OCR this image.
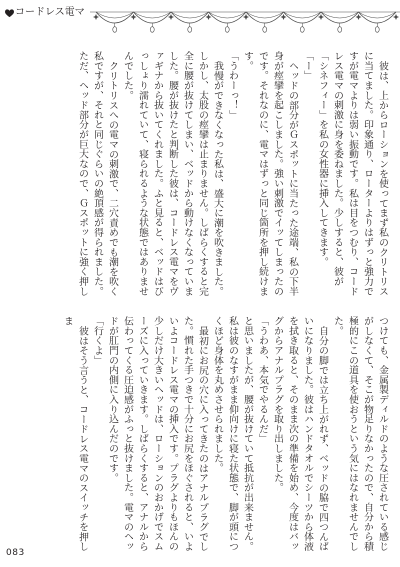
コードレス電マ

彼は、上からローションを使ってまず私のクリトリスに当てました。印象通り、ローターよりはずっと強力ですが電マよりは弱い振動です。私は目をつむり、コードレス電マの刺激に身を委ねました。少しすると、彼が「シネフィー」を私の女性器に挿入してきます。

「ー」

ヘッドの部分がＧスポットに当たった途端、私の下半身が痙攣を起こしました。強い刺激でイッてしまったのです。それなのに、電マはずっと同じ箇所を押し続けます。

「うわーっ！」

我慢ができなくなった私は、盛大に潮を吹きました。しかし、太股の痙攣は止まりません。しばらくすると完全に腰が抜けてしまい、ベッドから動けなくなっていました。腰が抜けたと判断した彼は、コードレス電マをヴァギナから抜いてくれました。ふと見ると、ベッドはびっしょり濡れていて、寝られるような状態ではありませんでした。

クリトリスへの電マの刺激で、二穴責めでも潮を吹く私ですが、それと同じぐらいの絶頂感が得られました。ただ、ヘッド部分が巨大なので、Ｇスポットに強く押し

つけても、金属製ディルドのような圧されている感じがしなくて、そこが物足りなかったので、自分から積極的にこの道具を使おうという気にはなれませんでした。

自分の脚では立ち上がれず、ベッドの脇で四つんばいになりました。彼はハンドタオルでシーツから体液を拭き取ると、そのまま次の準備を始め、今度はバッグからアナルプラグを取り出しました。

「うわあ、本気でやるんだ」

と思いましたが、腰が抜けていて抵抗が出来ません。私は彼のなすがまま仰向けに寝た状態で、脚が頭につくほど身体を丸めさせられました。

最初にお尻の穴に入ってきたのはアナルプラグでした。慣れた手つきで十分にお尻をほぐされると、いよいよコードレス電マの挿入です。プラグよりもほんの少しだけ大きいヘッドは、ローションのおかげでスムーズに入っていきます。しばらくすると、アナルから伝わってくる圧迫感がふっと抜けました。電マのヘッドが肛門の内側に入り込んだのです。

「行くよ」

彼はそう言うと、コードレス電マのスイッチを押しま

083
